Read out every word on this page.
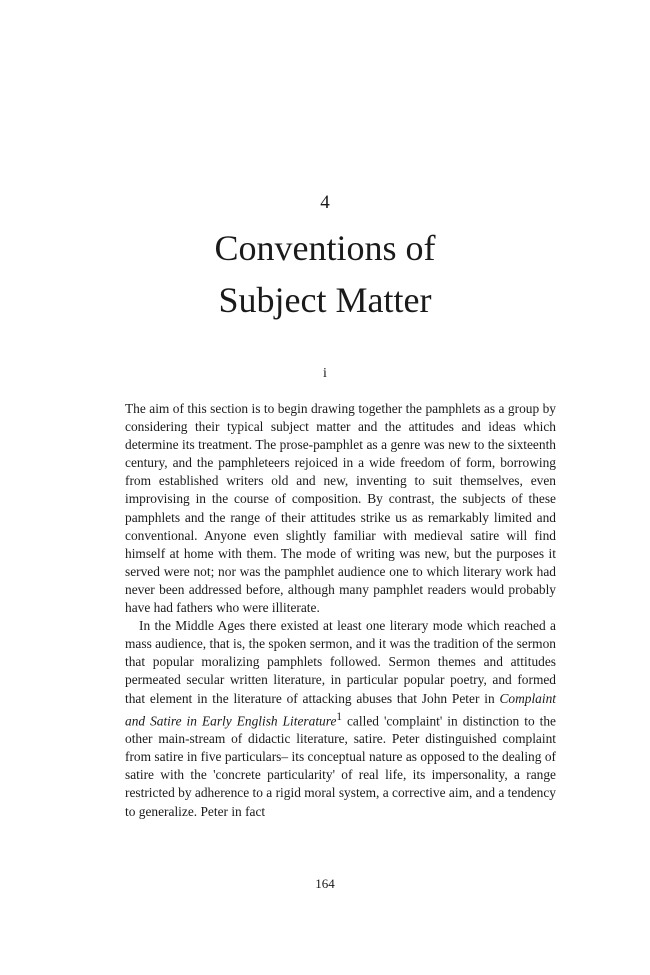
4
Conventions of
Subject Matter
i

The aim of this section is to begin drawing together the pamphlets as a group by considering their typical subject matter and the attitudes and ideas which determine its treatment. The prose-pamphlet as a genre was new to the sixteenth century, and the pamphleteers rejoiced in a wide freedom of form, borrowing from established writers old and new, inventing to suit themselves, even improvising in the course of composition. By contrast, the subjects of these pamphlets and the range of their attitudes strike us as remarkably limited and conventional. Anyone even slightly familiar with medieval satire will find himself at home with them. The mode of writing was new, but the purposes it served were not; nor was the pamphlet audience one to which literary work had never been addressed before, although many pamphlet readers would probably have had fathers who were illiterate.

In the Middle Ages there existed at least one literary mode which reached a mass audience, that is, the spoken sermon, and it was the tradition of the sermon that popular moralizing pamphlets followed. Sermon themes and attitudes permeated secular written literature, in particular popular poetry, and formed that element in the literature of attacking abuses that John Peter in Complaint and Satire in Early English Literature$^1$ called 'complaint' in distinction to the other main-stream of didactic literature, satire. Peter distinguished complaint from satire in five particulars– its conceptual nature as opposed to the dealing of satire with the 'concrete particularity' of real life, its impersonality, a range restricted by adherence to a rigid moral system, a corrective aim, and a tendency to generalize. Peter in fact

164
